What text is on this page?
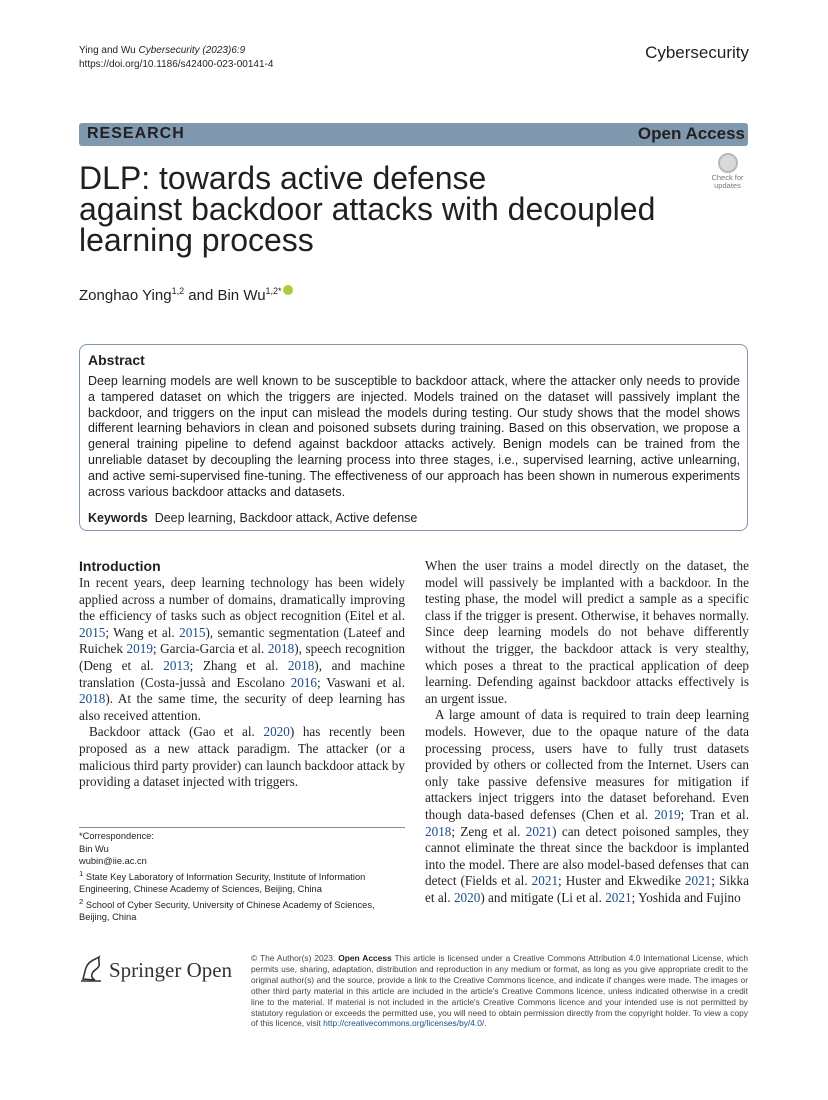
Ying and Wu Cybersecurity (2023)6:9
https://doi.org/10.1186/s42400-023-00141-4
Cybersecurity
RESEARCH	Open Access
Check for
updates
DLP: towards active defense
against backdoor attacks with decoupled
learning process
Zonghao Ying$^{1,2}$ and Bin $Wu^{1,2*}$
Abstract
Deep learning models are well known to be susceptible to backdoor attack, where the attacker only needs to provide a tampered dataset on which the triggers are injected. Models trained on the dataset will passively implant the backdoor, and triggers on the input can mislead the models during testing. Our study shows that the model shows different learning behaviors in clean and poisoned subsets during training. Based on this observation, we propose a general training pipeline to defend against backdoor attacks actively. Benign models can be trained from the unreliable dataset by decoupling the learning process into three stages, i.e., supervised learning, active unlearning, and active semi-supervised fine-tuning. The effectiveness of our approach has been shown in numerous experiments across various backdoor attacks and datasets.
Keywords Deep learning, Backdoor attack, Active defense
Introduction

In recent years, deep learning technology has been widely applied across a number of domains, dramatically improving the efficiency of tasks such as object recognition (Eitel et al. 2015; Wang et al. 2015), semantic segmentation (Lateef and Ruichek 2019; Garcia-Garcia et al. 2018), speech recognition (Deng et al. 2013; Zhang et al. 2018), and machine translation (Costa-jussà and Escolano 2016; Vaswani et al. 2018). At the same time, the security of deep learning has also received attention.

Backdoor attack (Gao et al. 2020) has recently been proposed as a new attack paradigm. The attacker (or a malicious third party provider) can launch backdoor attack by providing a dataset injected with triggers.

When the user trains a model directly on the dataset, the model will passively be implanted with a backdoor. In the testing phase, the model will predict a sample as a specific class if the trigger is present. Otherwise, it behaves normally. Since deep learning models do not behave differently without the trigger, the backdoor attack is very stealthy, which poses a threat to the practical application of deep learning. Defending against backdoor attacks effectively is an urgent issue.

A large amount of data is required to train deep learning models. However, due to the opaque nature of the data processing process, users have to fully trust datasets provided by others or collected from the Internet. Users can only take passive defensive measures for mitigation if attackers inject triggers into the dataset beforehand. Even though data-based defenses (Chen et al. 2019; Tran et al. 2018; Zeng et al. 2021) can detect poisoned samples, they cannot eliminate the threat since the backdoor is implanted into the model. There are also model-based defenses that can detect (Fields et al. 2021; Huster and Ekwedike 2021; Sikka et al. 2020) and mitigate (Li et al. 2021; Yoshida and Fujino

*Correspondence:
Bin Wu
wubin@iie.ac.cn
$^1$ State Key Laboratory of Information Security, Institute of Information Engineering, Chinese Academy of Sciences, Beijing, China
$^2$ School of Cyber Security, University of Chinese Academy of Sciences, Beijing, China
Springer Open © The Author(s) 2023. Open Access This article is licensed under a Creative Commons Attribution 4.0 International License, which permits use, sharing, adaptation, distribution and reproduction in any medium or format, as long as you give appropriate credit to the original author(s) and the source, provide a link to the Creative Commons licence, and indicate if changes were made. The images or other third party material in this article are included in the article's Creative Commons licence, unless indicated otherwise in a credit line to the material. If material is not included in the article's Creative Commons licence and your intended use is not permitted by statutory regulation or exceeds the permitted use, you will need to obtain permission directly from the copyright holder. To view a copy of this licence, visit http://creativecommons.org/licenses/by/4.0/.
